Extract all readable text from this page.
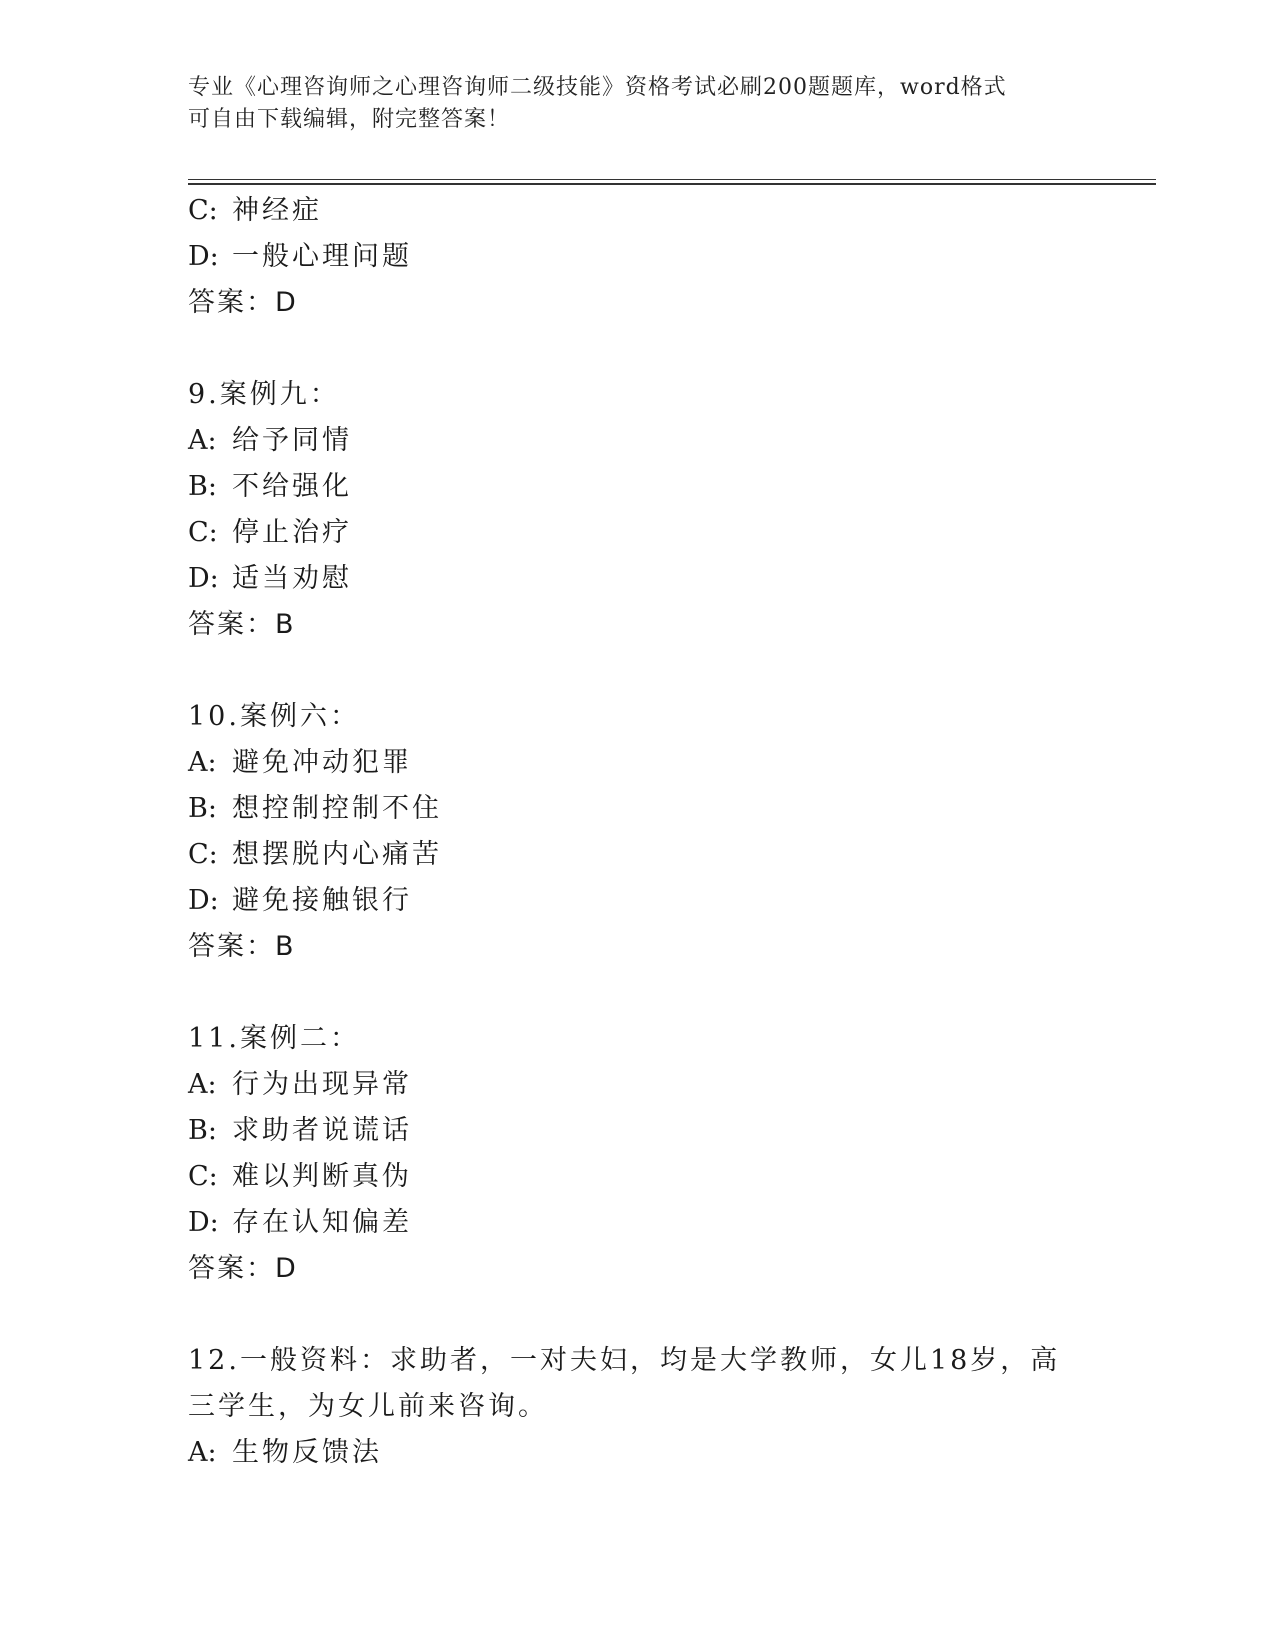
专业《心理咨询师之心理咨询师二级技能》资格考试必刷200题题库，word格式
可自由下载编辑，附完整答案！
C: 神经症
D: 一般心理问题
答案：D
9.案例九：
A: 给予同情
B: 不给强化
C: 停止治疗
D: 适当劝慰
答案：B
10.案例六：
A: 避免冲动犯罪
B: 想控制控制不住
C: 想摆脱内心痛苦
D: 避免接触银行
答案：B
11.案例二：
A: 行为出现异常
B: 求助者说谎话
C: 难以判断真伪
D: 存在认知偏差
答案：D
12.一般资料：求助者，一对夫妇，均是大学教师，女儿18岁，高三学生，为女儿前来咨询。
A: 生物反馈法
